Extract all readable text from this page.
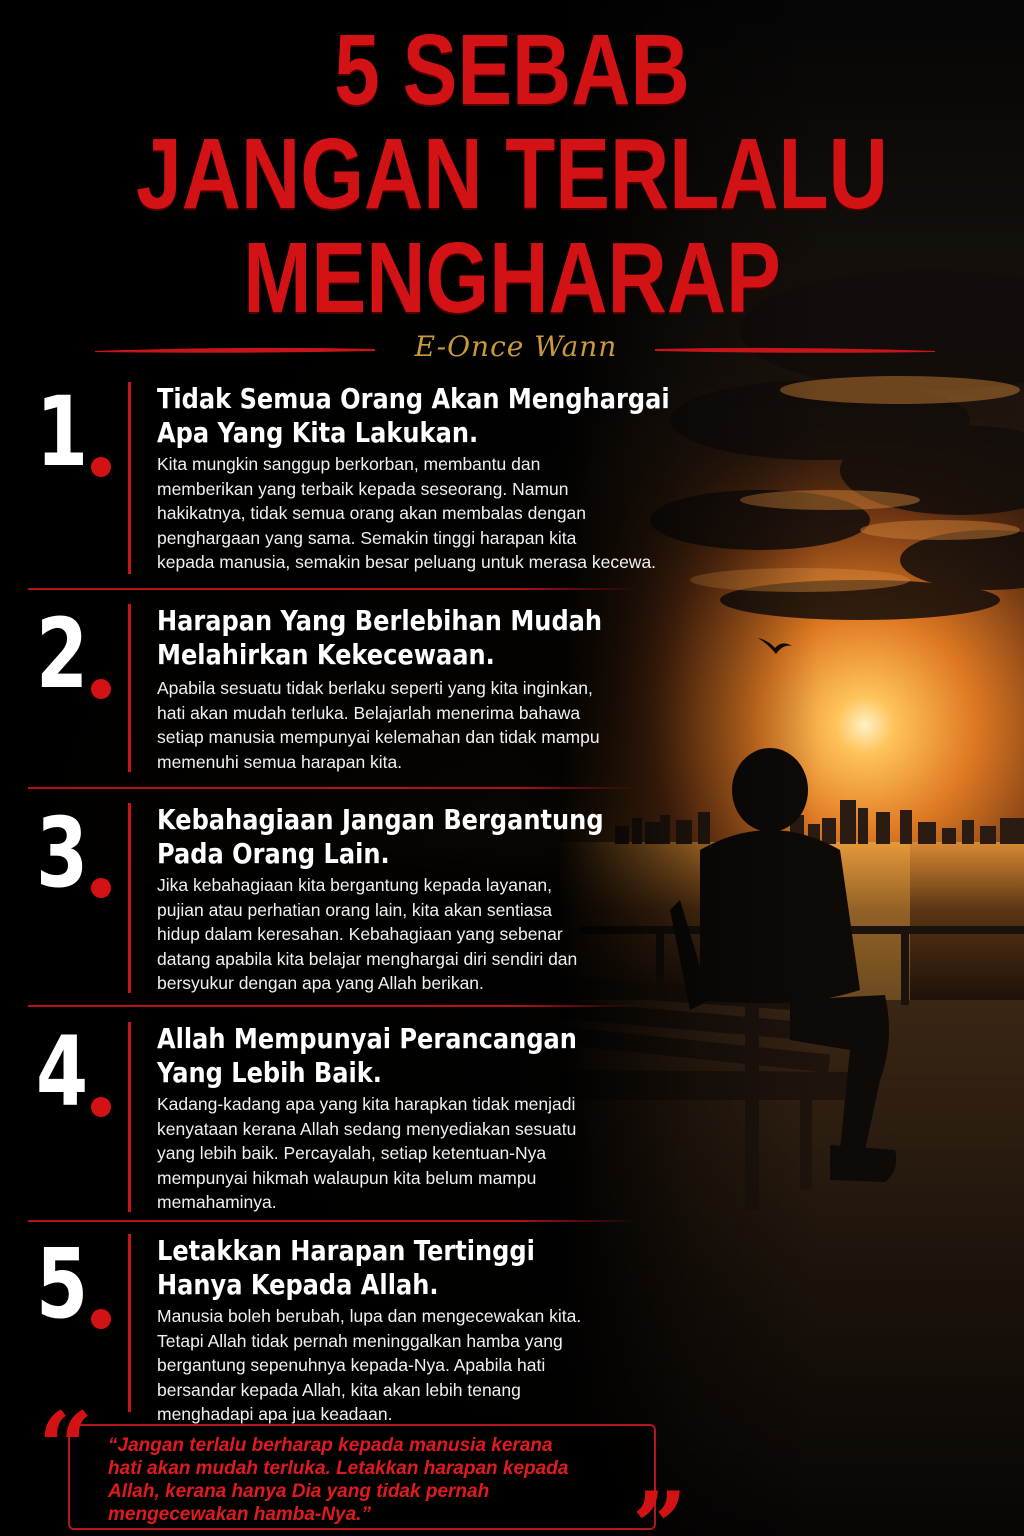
5 SEBAB
JANGAN TERLALU
MENGHARAP
E-Once Wann
1	Tidak Semua Orang Akan Menghargai
Apa Yang Kita Lakukan.
Kita mungkin sanggup berkorban, membantu dan
memberikan yang terbaik kepada seseorang. Namun
hakikatnya, tidak semua orang akan membalas dengan
penghargaan yang sama. Semakin tinggi harapan kita
kepada manusia, semakin besar peluang untuk merasa kecewa.
2	Harapan Yang Berlebihan Mudah
Melahirkan Kekecewaan.
Apabila sesuatu tidak berlaku seperti yang kita inginkan,
hati akan mudah terluka. Belajarlah menerima bahawa
setiap manusia mempunyai kelemahan dan tidak mampu
memenuhi semua harapan kita.
3	Kebahagiaan Jangan Bergantung
Pada Orang Lain.
Jika kebahagiaan kita bergantung kepada layanan,
pujian atau perhatian orang lain, kita akan sentiasa
hidup dalam keresahan. Kebahagiaan yang sebenar
datang apabila kita belajar menghargai diri sendiri dan
bersyukur dengan apa yang Allah berikan.
4	Allah Mempunyai Perancangan
Yang Lebih Baik.
Kadang-kadang apa yang kita harapkan tidak menjadi
kenyataan kerana Allah sedang menyediakan sesuatu
yang lebih baik. Percayalah, setiap ketentuan-Nya
mempunyai hikmah walaupun kita belum mampu
memahaminya.
5	Letakkan Harapan Tertinggi
Hanya Kepada Allah.
Manusia boleh berubah, lupa dan mengecewakan kita.
Tetapi Allah tidak pernah meninggalkan hamba yang
bergantung sepenuhnya kepada-Nya. Apabila hati
bersandar kepada Allah, kita akan lebih tenang
menghadapi apa jua keadaan.
“ “Jangan terlalu berharap kepada manusia kerana
hati akan mudah terluka. Letakkan harapan kepada
Allah, kerana hanya Dia yang tidak pernah
mengecewakan hamba-Nya.”	”
